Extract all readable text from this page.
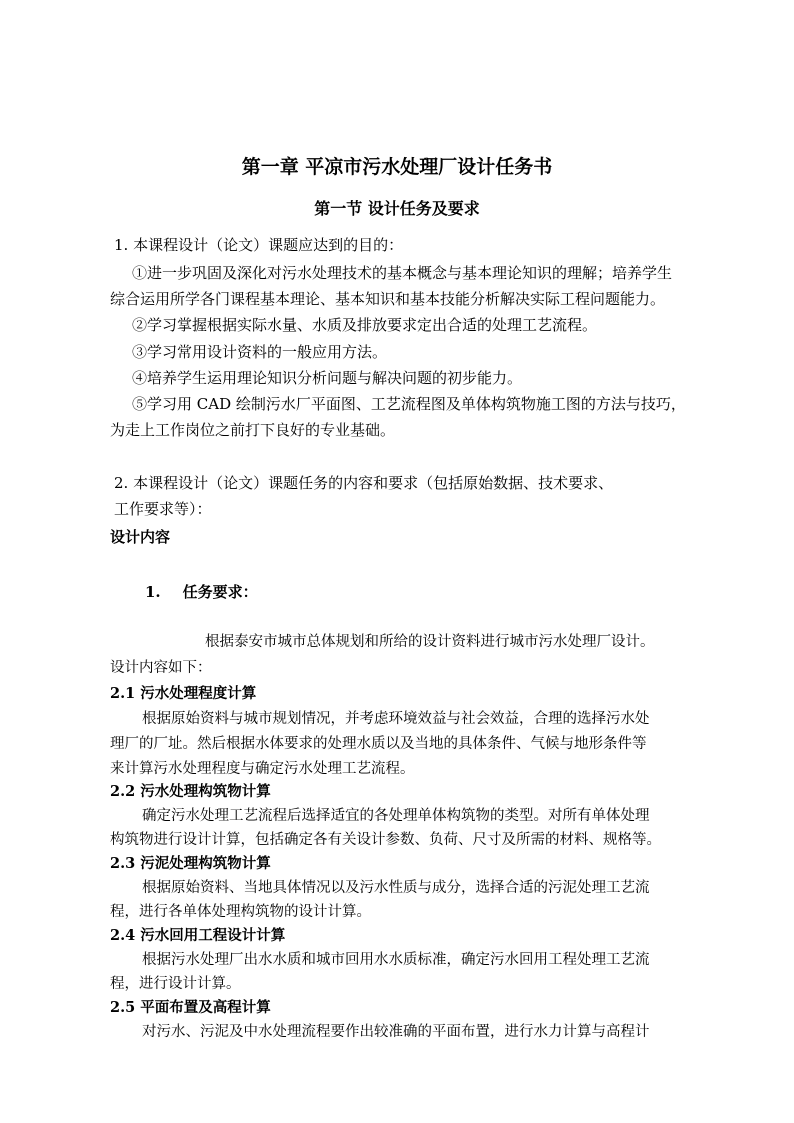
第一章 平凉市污水处理厂设计任务书
第一节 设计任务及要求
1. 本课程设计（论文）课题应达到的目的：
①进一步巩固及深化对污水处理技术的基本概念与基本理论知识的理解；培养学生
综合运用所学各门课程基本理论、基本知识和基本技能分析解决实际工程问题能力。
②学习掌握根据实际水量、水质及排放要求定出合适的处理工艺流程。
③学习常用设计资料的一般应用方法。
④培养学生运用理论知识分析问题与解决问题的初步能力。
⑤学习用 CAD 绘制污水厂平面图、工艺流程图及单体构筑物施工图的方法与技巧，
为走上工作岗位之前打下良好的专业基础。
2. 本课程设计（论文）课题任务的内容和要求（包括原始数据、技术要求、
工作要求等）：
设计内容
1. 任务要求：
根据泰安市城市总体规划和所给的设计资料进行城市污水处理厂设计。
设计内容如下：
2.1 污水处理程度计算
根据原始资料与城市规划情况，并考虑环境效益与社会效益，合理的选择污水处
理厂的厂址。然后根据水体要求的处理水质以及当地的具体条件、气候与地形条件等
来计算污水处理程度与确定污水处理工艺流程。
2.2 污水处理构筑物计算
确定污水处理工艺流程后选择适宜的各处理单体构筑物的类型。对所有单体处理
构筑物进行设计计算，包括确定各有关设计参数、负荷、尺寸及所需的材料、规格等。
2.3 污泥处理构筑物计算
根据原始资料、当地具体情况以及污水性质与成分，选择合适的污泥处理工艺流
程，进行各单体处理构筑物的设计计算。
2.4 污水回用工程设计计算
根据污水处理厂出水水质和城市回用水水质标准，确定污水回用工程处理工艺流
程，进行设计计算。
2.5 平面布置及高程计算
对污水、污泥及中水处理流程要作出较准确的平面布置，进行水力计算与高程计
